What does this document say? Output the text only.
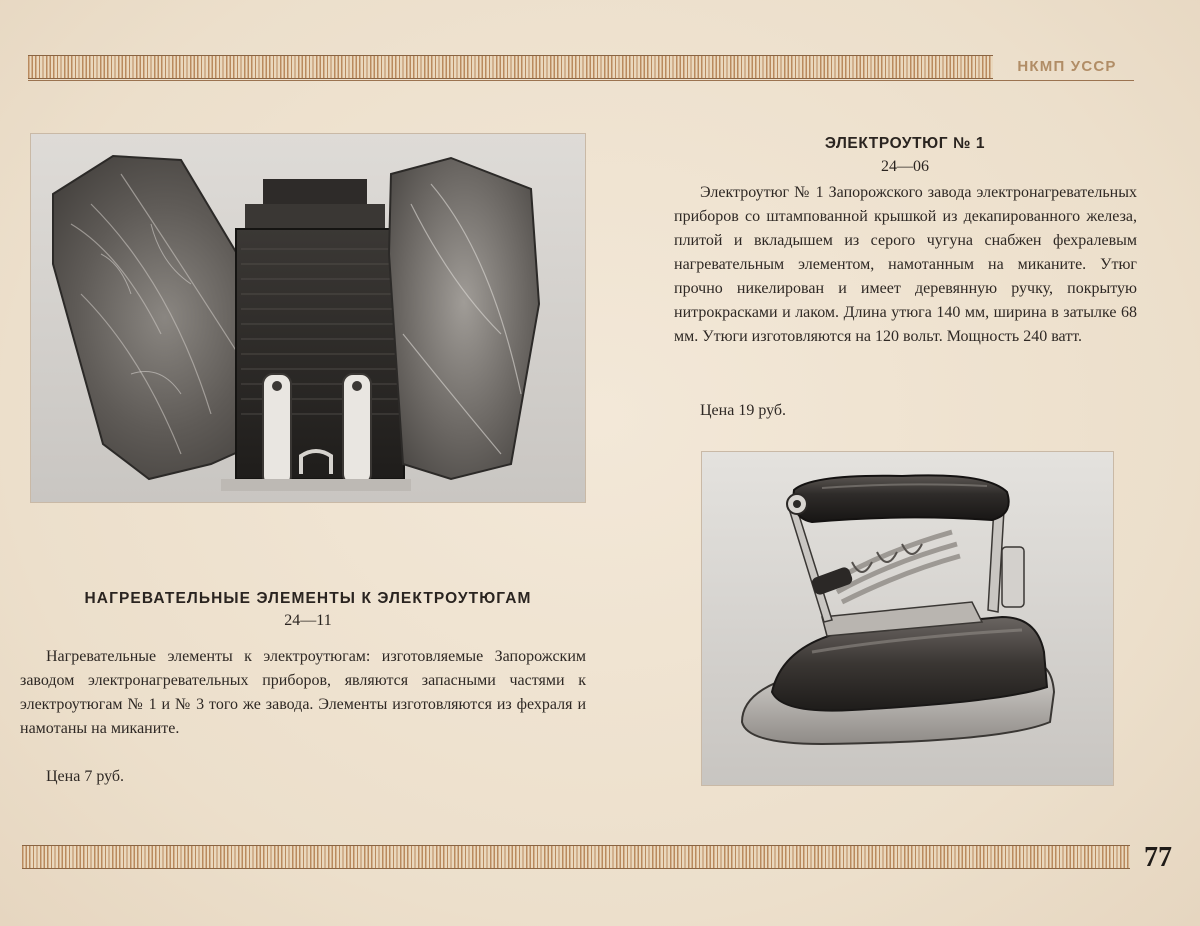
НКМП УССР
ЭЛЕКТРОУТЮГ № 1
24—06

Электроутюг № 1 Запорожского завода электронагревательных приборов со штампованной крышкой из декапированного железа, плитой и вкладышем из серого чугуна снабжен фехралевым нагревательным элементом, намотанным на миканите. Утюг прочно никелирован и имеет деревянную ручку, покрытую нитрокрасками и лаком. Длина утюга 140 мм, ширина в затылке 68 мм. Утюги изготовляются на 120 вольт. Мощность 240 ватт.

Цена 19 руб.

НАГРЕВАТЕЛЬНЫЕ ЭЛЕМЕНТЫ К ЭЛЕКТРОУТЮГАМ
24—11

Нагревательные элементы к электроутюгам: изготовляемые Запорожским заводом электронагревательных приборов, являются запасными частями к электроутюгам № 1 и № 3 того же завода. Элементы изготовляются из фехраля и намотаны на миканите.

Цена 7 руб.

77
